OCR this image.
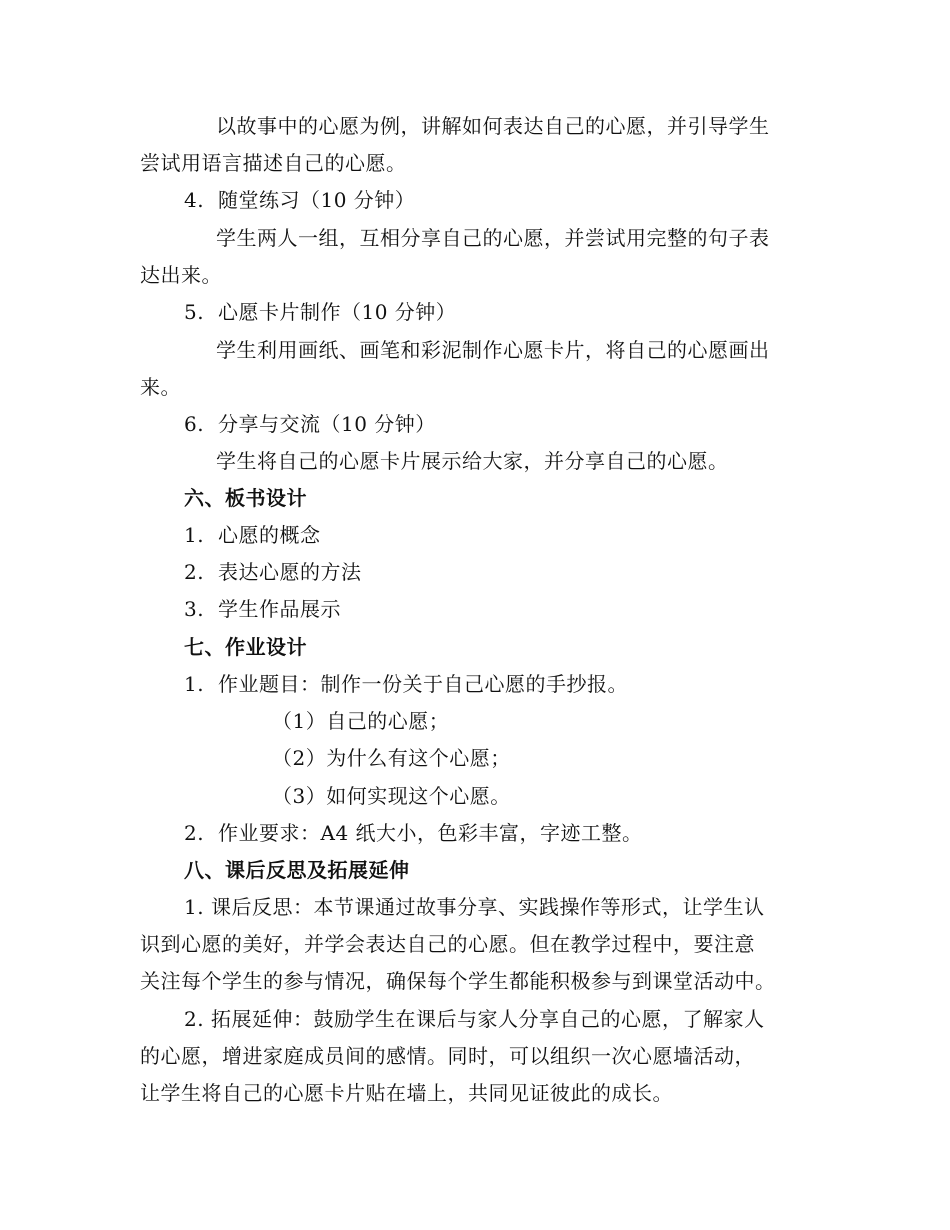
以故事中的心愿为例，讲解如何表达自己的心愿，并引导学生
尝试用语言描述自己的心愿。
4. 随堂练习（10 分钟）
学生两人一组，互相分享自己的心愿，并尝试用完整的句子表
达出来。
5. 心愿卡片制作（10 分钟）
学生利用画纸、画笔和彩泥制作心愿卡片，将自己的心愿画出
来。
6. 分享与交流（10 分钟）
学生将自己的心愿卡片展示给大家，并分享自己的心愿。
六、板书设计
1. 心愿的概念
2. 表达心愿的方法
3. 学生作品展示
七、作业设计
1. 作业题目：制作一份关于自己心愿的手抄报。
（1）自己的心愿；
（2）为什么有这个心愿；
（3）如何实现这个心愿。
2. 作业要求：A4 纸大小，色彩丰富，字迹工整。
八、课后反思及拓展延伸
1. 课后反思：本节课通过故事分享、实践操作等形式，让学生认
识到心愿的美好，并学会表达自己的心愿。但在教学过程中，要注意
关注每个学生的参与情况，确保每个学生都能积极参与到课堂活动中。
2. 拓展延伸：鼓励学生在课后与家人分享自己的心愿，了解家人
的心愿，增进家庭成员间的感情。同时，可以组织一次心愿墙活动，
让学生将自己的心愿卡片贴在墙上，共同见证彼此的成长。
